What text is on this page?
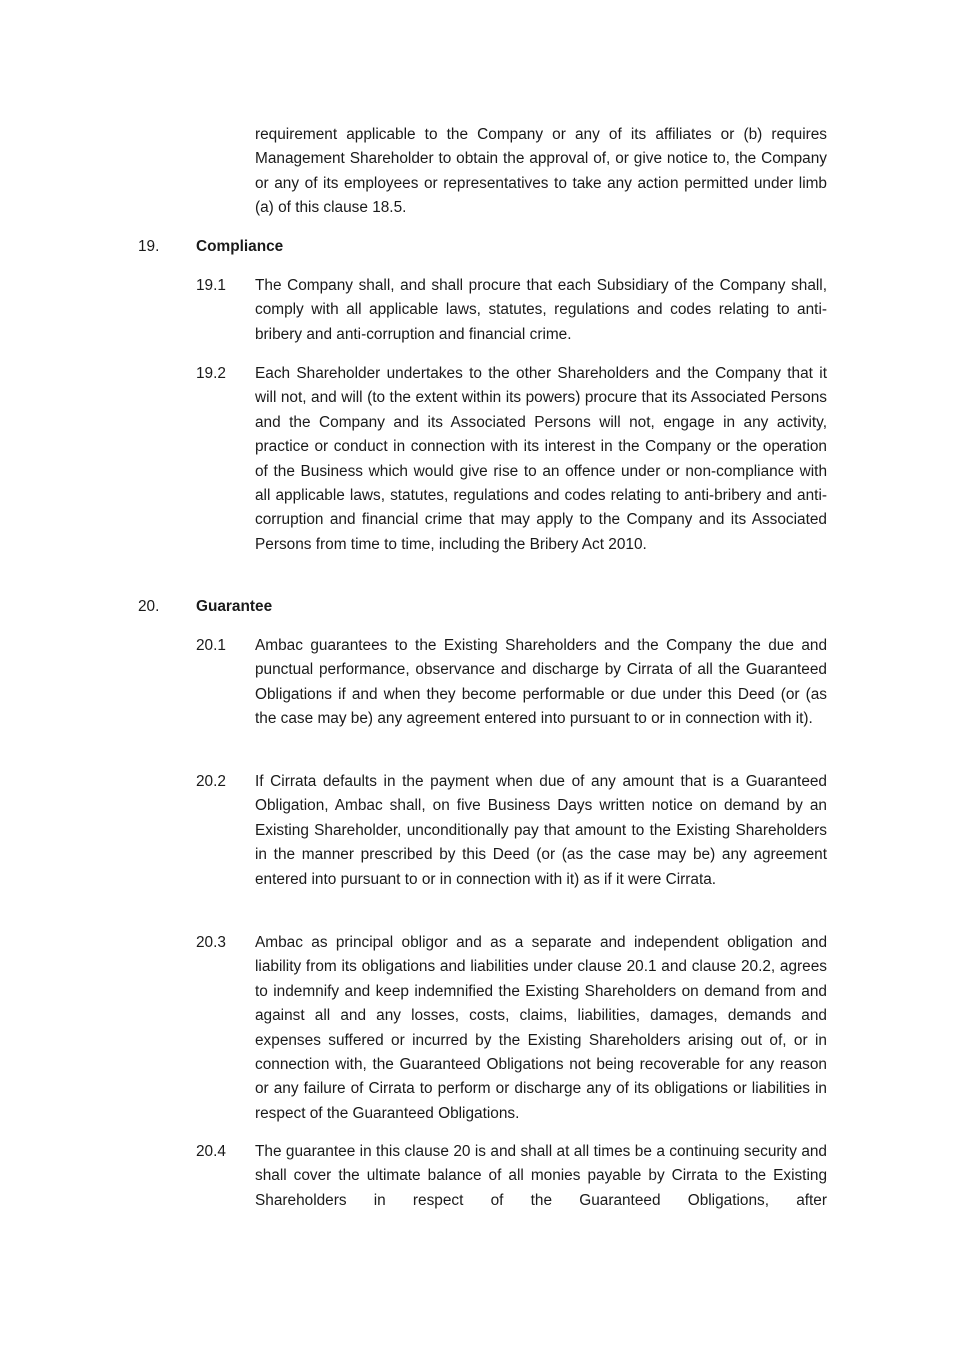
requirement applicable to the Company or any of its affiliates or (b) requires Management Shareholder to obtain the approval of, or give notice to, the Company or any of its employees or representatives to take any action permitted under limb (a) of this clause 18.5.

19. Compliance

19.1 The Company shall, and shall procure that each Subsidiary of the Company shall, comply with all applicable laws, statutes, regulations and codes relating to anti-bribery and anti-corruption and financial crime.

19.2 Each Shareholder undertakes to the other Shareholders and the Company that it will not, and will (to the extent within its powers) procure that its Associated Persons and the Company and its Associated Persons will not, engage in any activity, practice or conduct in connection with its interest in the Company or the operation of the Business which would give rise to an offence under or non-compliance with all applicable laws, statutes, regulations and codes relating to anti-bribery and anti-corruption and financial crime that may apply to the Company and its Associated Persons from time to time, including the Bribery Act 2010.

20. Guarantee

20.1 Ambac guarantees to the Existing Shareholders and the Company the due and punctual performance, observance and discharge by Cirrata of all the Guaranteed Obligations if and when they become performable or due under this Deed (or (as the case may be) any agreement entered into pursuant to or in connection with it).

20.2 If Cirrata defaults in the payment when due of any amount that is a Guaranteed Obligation, Ambac shall, on five Business Days written notice on demand by an Existing Shareholder, unconditionally pay that amount to the Existing Shareholders in the manner prescribed by this Deed (or (as the case may be) any agreement entered into pursuant to or in connection with it) as if it were Cirrata.

20.3 Ambac as principal obligor and as a separate and independent obligation and liability from its obligations and liabilities under clause 20.1 and clause 20.2, agrees to indemnify and keep indemnified the Existing Shareholders on demand from and against all and any losses, costs, claims, liabilities, damages, demands and expenses suffered or incurred by the Existing Shareholders arising out of, or in connection with, the Guaranteed Obligations not being recoverable for any reason or any failure of Cirrata to perform or discharge any of its obligations or liabilities in respect of the Guaranteed Obligations.

20.4 The guarantee in this clause 20 is and shall at all times be a continuing security and shall cover the ultimate balance of all monies payable by Cirrata to the Existing Shareholders in respect of the Guaranteed Obligations, after
